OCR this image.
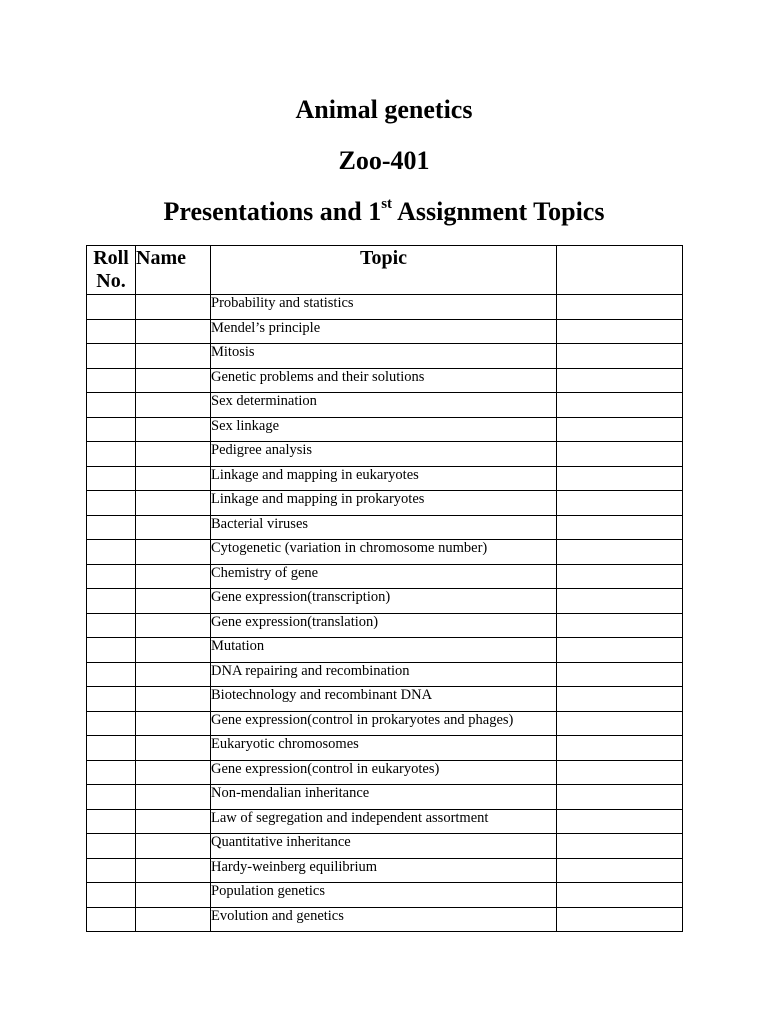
Animal genetics
Zoo-401
Presentations and 1st Assignment Topics
Roll
No.	Name	Topic	
		Probability and statistics	
		Mendel’s principle	
		Mitosis	
		Genetic problems and their solutions	
		Sex determination	
		Sex linkage	
		Pedigree analysis	
		Linkage and mapping in eukaryotes	
		Linkage and mapping in prokaryotes	
		Bacterial viruses	
		Cytogenetic (variation in chromosome number)	
		Chemistry of gene	
		Gene expression(transcription)	
		Gene expression(translation)	
		Mutation	
		DNA repairing and recombination	
		Biotechnology and recombinant DNA	
		Gene expression(control in prokaryotes and phages)	
		Eukaryotic chromosomes	
		Gene expression(control in eukaryotes)	
		Non-mendalian inheritance	
		Law of segregation and independent assortment	
		Quantitative inheritance	
		Hardy-weinberg equilibrium	
		Population genetics	
		Evolution and genetics	
